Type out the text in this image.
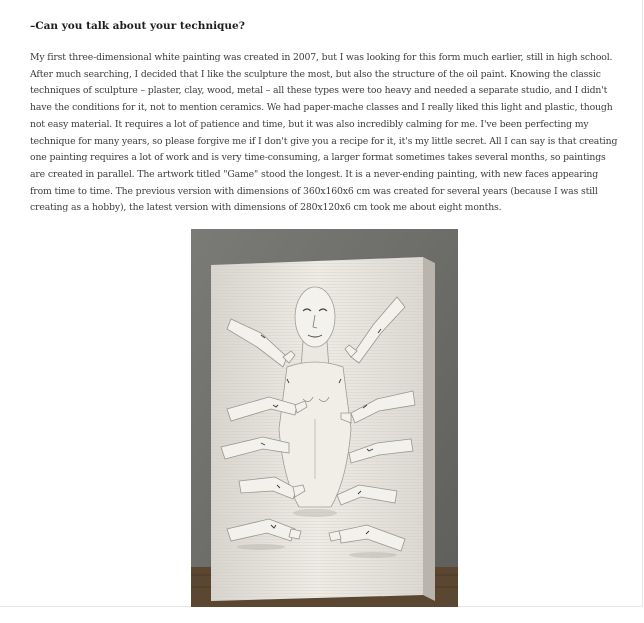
–Can you talk about your technique?

My first three-dimensional white painting was created in 2007, but I was looking for this form much earlier, still in high school. After much searching, I decided that I like the sculpture the most, but also the structure of the oil paint. Knowing the classic techniques of sculpture – plaster, clay, wood, metal – all these types were too heavy and needed a separate studio, and I didn't have the conditions for it, not to mention ceramics. We had paper-mache classes and I really liked this light and plastic, though not easy material. It requires a lot of patience and time, but it was also incredibly calming for me. I've been perfecting my technique for many years, so please forgive me if I don't give you a recipe for it, it's my little secret. All I can say is that creating one painting requires a lot of work and is very time-consuming, a larger format sometimes takes several months, so paintings are created in parallel. The artwork titled "Game" stood the longest. It is a never-ending painting, with new faces appearing from time to time. The previous version with dimensions of 360x160x6 cm was created for several years (because I was still creating as a hobby), the latest version with dimensions of 280x120x6 cm took me about eight months.
